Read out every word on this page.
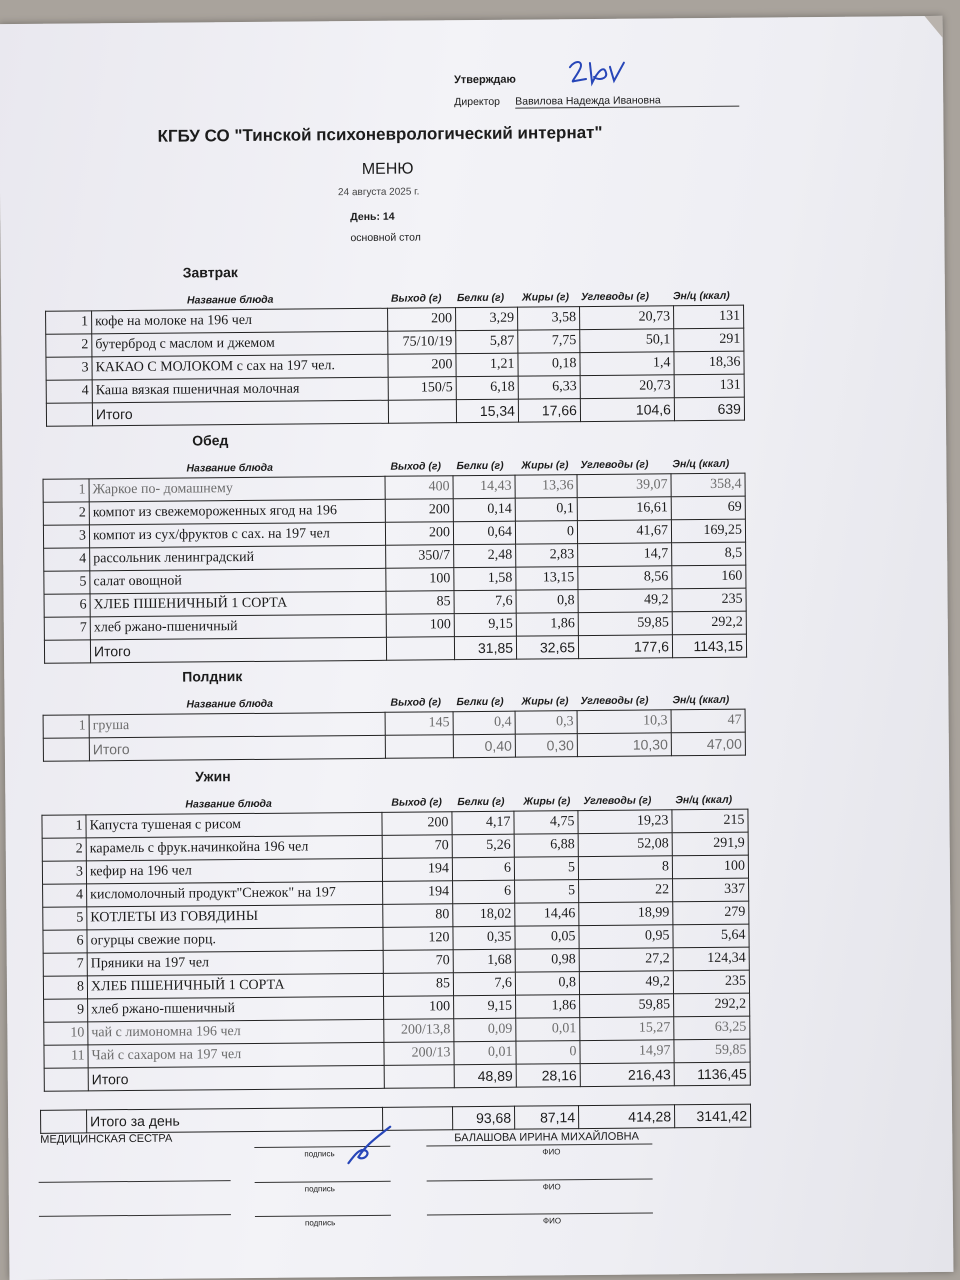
Утверждаю
Директор Вавилова Надежда Ивановна
КГБУ СО "Тинской психоневрологический интернат"
МЕНЮ
24 августа 2025 г.
День: 14
основной стол
Завтрак
Название блюда	Выход (г) Белки (г) Жиры (г) Углеводы (г) Эн/ц (ккал)
1	кофе на молоке на 196 чел	200	3,29	3,58	20,73	131
2	бутерброд с маслом и джемом	75/10/19	5,87	7,75	50,1	291
3	КАКАО С МОЛОКОМ с сах на 197 чел.	200	1,21	0,18	1,4	18,36
4	Каша вязкая пшеничная молочная	150/5	6,18	6,33	20,73	131
	Итого		15,34	17,66	104,6	639
Обед
Название блюда	Выход (г) Белки (г) Жиры (г) Углеводы (г) Эн/ц (ккал)
1	Жаркое по- домашнему	400	14,43	13,36	39,07	358,4
2	компот из свежемороженных ягод на 196	200	0,14	0,1	16,61	69
3	компот из сух/фруктов с сах. на 197 чел	200	0,64	0	41,67	169,25
4	рассольник ленинградский	350/7	2,48	2,83	14,7	8,5
5	салат овощной	100	1,58	13,15	8,56	160
6	ХЛЕБ ПШЕНИЧНЫЙ 1 СОРТА	85	7,6	0,8	49,2	235
7	хлеб ржано-пшеничный	100	9,15	1,86	59,85	292,2
	Итого		31,85	32,65	177,6	1143,15
Полдник
Название блюда	Выход (г) Белки (г) Жиры (г) Углеводы (г) Эн/ц (ккал)
1	груша	145	0,4	0,3	10,3	47
	Итого		0,40	0,30	10,30	47,00
Ужин
Название блюда	Выход (г) Белки (г) Жиры (г) Углеводы (г) Эн/ц (ккал)
1	Капуста тушеная с рисом	200	4,17	4,75	19,23	215
2	карамель с фрук.начинкойна 196 чел	70	5,26	6,88	52,08	291,9
3	кефир на 196 чел	194	6	5	8	100
4	кисломолочный продукт"Снежок" на 197	194	6	5	22	337
5	КОТЛЕТЫ ИЗ ГОВЯДИНЫ	80	18,02	14,46	18,99	279
6	огурцы свежие порц.	120	0,35	0,05	0,95	5,64
7	Пряники на 197 чел	70	1,68	0,98	27,2	124,34
8	ХЛЕБ ПШЕНИЧНЫЙ 1 СОРТА	85	7,6	0,8	49,2	235
9	хлеб ржано-пшеничный	100	9,15	1,86	59,85	292,2
10	чай с лимономна 196 чел	200/13,8	0,09	0,01	15,27	63,25
11	Чай с сахаром на 197 чел	200/13	0,01	0	14,97	59,85
	Итого		48,89	28,16	216,43	1136,45
	Итого за день		93,68	87,14	414,28	3141,42
МЕДИЦИНСКАЯ СЕСТРА
подпись
БАЛАШОВА ИРИНА МИХАЙЛОВНА
ФИО
подпись	ФИО
подпись	ФИО
